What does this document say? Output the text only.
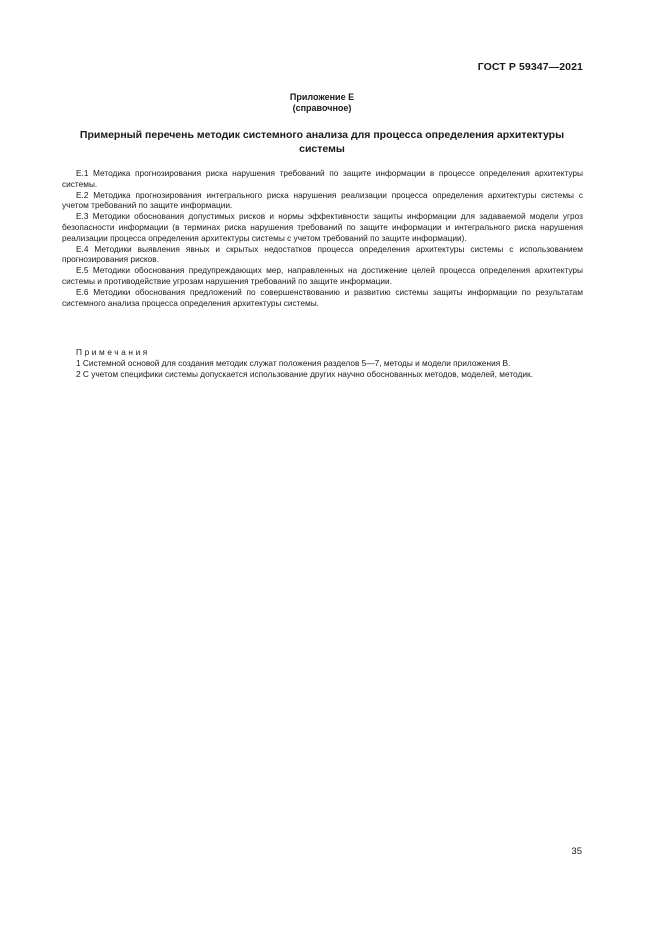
ГОСТ Р 59347—2021
Приложение Е
(справочное)
Примерный перечень методик системного анализа для процесса определения архитектуры
системы

Е.1 Методика прогнозирования риска нарушения требований по защите информации в процессе определения архитектуры системы.

Е.2 Методика прогнозирования интегрального риска нарушения реализации процесса определения архитектуры системы с учетом требований по защите информации.

Е.3 Методики обоснования допустимых рисков и нормы эффективности защиты информации для задаваемой модели угроз безопасности информации (в терминах риска нарушения требований по защите информации и интегрального риска нарушения реализации процесса определения архитектуры системы с учетом требований по защите информации).

Е.4 Методики выявления явных и скрытых недостатков процесса определения архитектуры системы с использованием прогнозирования рисков.

Е.5 Методики обоснования предупреждающих мер, направленных на достижение целей процесса определения архитектуры системы и противодействие угрозам нарушения требований по защите информации.

Е.6 Методики обоснования предложений по совершенствованию и развитию системы защиты информации по результатам системного анализа процесса определения архитектуры системы.

Примечания

1 Системной основой для создания методик служат положения разделов 5—7, методы и модели приложения В.

2 С учетом специфики системы допускается использование других научно обоснованных методов, моделей, методик.

35
